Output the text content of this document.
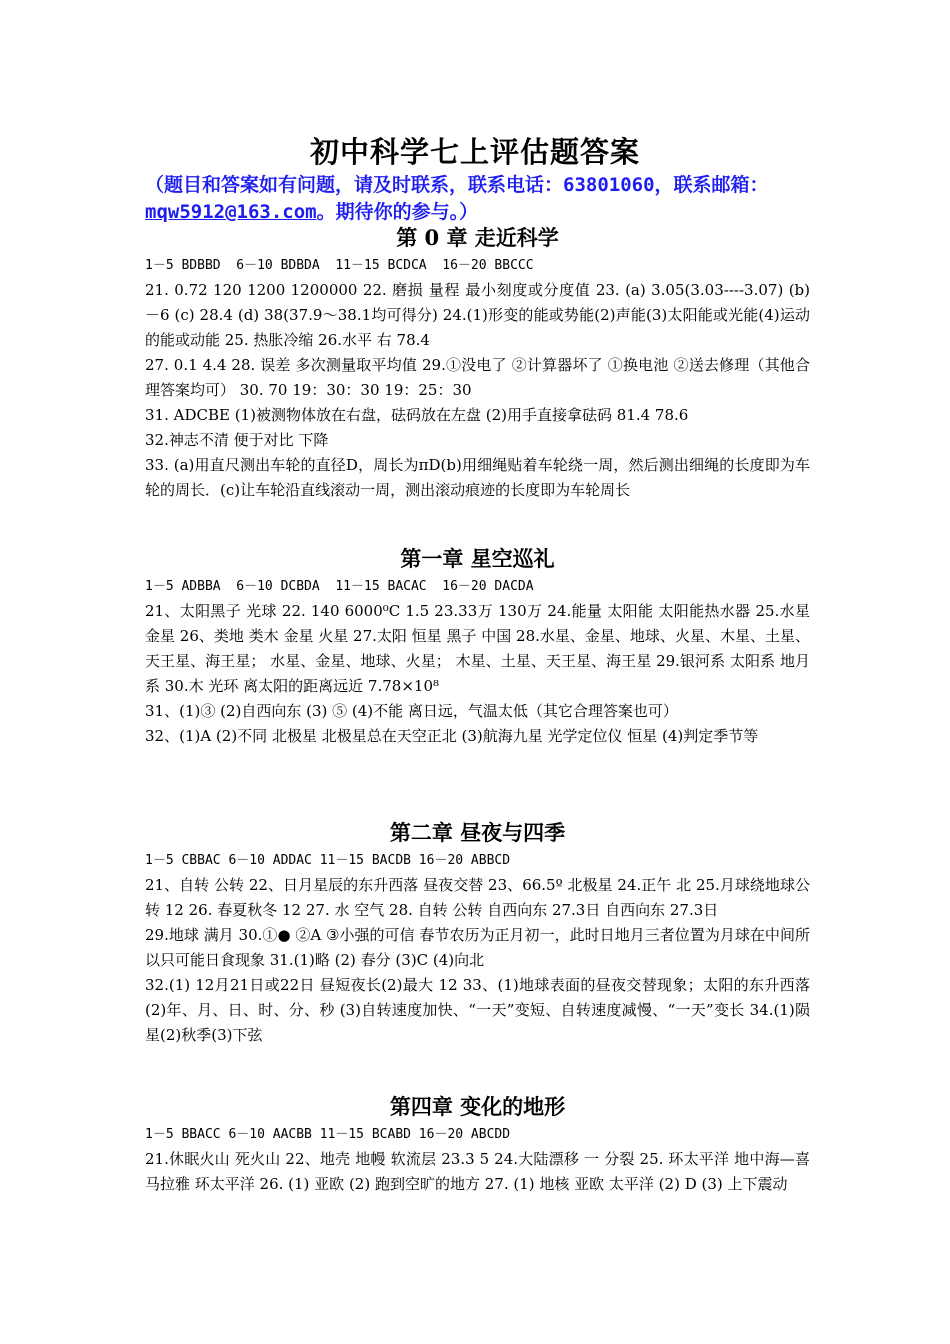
初中科学七上评估题答案
（题目和答案如有问题，请及时联系，联系电话：63801060，联系邮箱：
mqw5912@163.com。期待你的参与。）
第 0 章 走近科学
1－5 BDBBD  6－10 BDBDA  11－15 BCDCA  16－20 BBCCC

21. 0.72 120 1200 1200000 22. 磨损 量程 最小刻度或分度值 23. (a) 3.05(3.03----3.07) (b) －6 (c) 28.4 (d) 38(37.9～38.1均可得分) 24.(1)形变的能或势能(2)声能(3)太阳能或光能(4)运动的能或动能 25. 热胀冷缩 26.水平 右 78.4

27. 0.1 4.4 28. 误差 多次测量取平均值 29.①没电了 ②计算器坏了 ①换电池 ②送去修理（其他合理答案均可） 30. 70 19：30：30 19：25：30

31. ADCBE (1)被测物体放在右盘，砝码放在左盘 (2)用手直接拿砝码 81.4 78.6

32.神志不清 便于对比 下降

33. (a)用直尺测出车轮的直径D，周长为πD(b)用细绳贴着车轮绕一周，然后测出细绳的长度即为车轮的周长．(c)让车轮沿直线滚动一周，测出滚动痕迹的长度即为车轮周长

第一章 星空巡礼
1－5 ADBBA  6－10 DCBDA  11－15 BACAC  16－20 DACDA

21、太阳黑子 光球 22. 140 6000⁰C 1.5 23.33万 130万 24.能量 太阳能 太阳能热水器 25.水星 金星 26、类地 类木 金星 火星 27.太阳 恒星 黑子 中国 28.水星、金星、地球、火星、木星、土星、天王星、海王星； 水星、金星、地球、火星； 木星、土星、天王星、海王星 29.银河系 太阳系 地月系 30.木 光环 离太阳的距离远近 7.78×10⁸

31、(1)③ (2)自西向东 (3) ⑤ (4)不能 离日远，气温太低（其它合理答案也可）

32、(1)A (2)不同 北极星 北极星总在天空正北 (3)航海九星 光学定位仪 恒星 (4)判定季节等

第二章 昼夜与四季
1－5 CBBAC 6－10 ADDAC 11－15 BACDB 16－20 ABBCD

21、自转 公转 22、日月星辰的东升西落 昼夜交替 23、66.5º 北极星 24.正午 北 25.月球绕地球公转 12 26. 春夏秋冬 12 27. 水 空气 28. 自转 公转 自西向东 27.3日 自西向东 27.3日

29.地球 满月 30.①● ②A ③小强的可信 春节农历为正月初一，此时日地月三者位置为月球在中间所以只可能日食现象 31.(1)略 (2) 春分 (3)C (4)向北

32.(1) 12月21日或22日 昼短夜长(2)最大 12 33、(1)地球表面的昼夜交替现象；太阳的东升西落 (2)年、月、日、时、分、秒 (3)自转速度加快、“一天”变短、自转速度减慢、“一天”变长 34.(1)陨星(2)秋季(3)下弦

第四章 变化的地形
1－5 BBACC 6－10 AACBB 11－15 BCABD 16－20 ABCDD

21.休眠火山 死火山 22、地壳 地幔 软流层 23.3 5 24.大陆漂移 一 分裂 25. 环太平洋 地中海—喜马拉雅 环太平洋 26. (1) 亚欧 (2) 跑到空旷的地方 27. (1) 地核 亚欧 太平洋 (2) D (3) 上下震动
